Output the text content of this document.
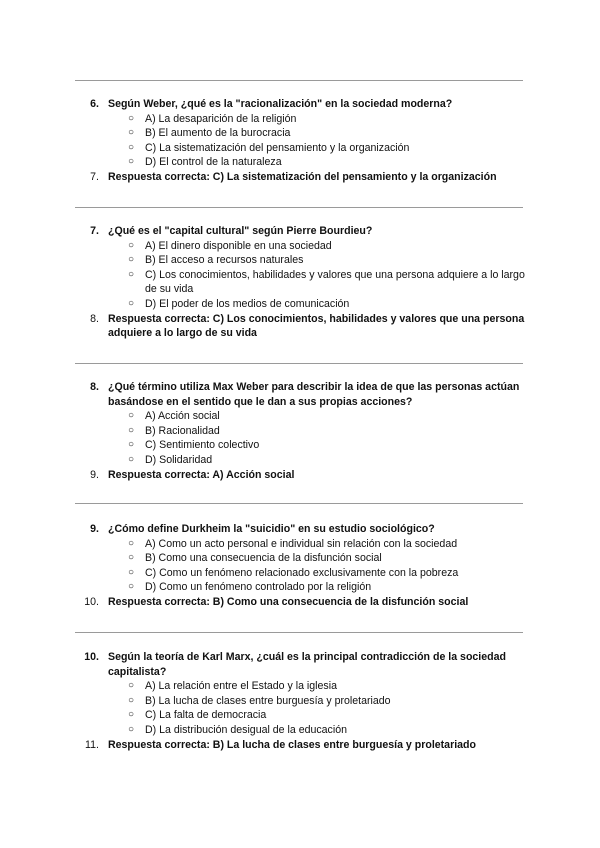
6. Según Weber, ¿qué es la "racionalización" en la sociedad moderna?
○ A) La desaparición de la religión
○ B) El aumento de la burocracia
○ C) La sistematización del pensamiento y la organización
○ D) El control de la naturaleza
7. Respuesta correcta: C) La sistematización del pensamiento y la organización
7. ¿Qué es el "capital cultural" según Pierre Bourdieu?
○ A) El dinero disponible en una sociedad
○ B) El acceso a recursos naturales
○ C) Los conocimientos, habilidades y valores que una persona adquiere a lo largo de su vida
○ D) El poder de los medios de comunicación
8. Respuesta correcta: C) Los conocimientos, habilidades y valores que una persona adquiere a lo largo de su vida
8. ¿Qué término utiliza Max Weber para describir la idea de que las personas actúan basándose en el sentido que le dan a sus propias acciones?
○ A) Acción social
○ B) Racionalidad
○ C) Sentimiento colectivo
○ D) Solidaridad
9. Respuesta correcta: A) Acción social
9. ¿Cómo define Durkheim la "suicidio" en su estudio sociológico?
○ A) Como un acto personal e individual sin relación con la sociedad
○ B) Como una consecuencia de la disfunción social
○ C) Como un fenómeno relacionado exclusivamente con la pobreza
○ D) Como un fenómeno controlado por la religión
10. Respuesta correcta: B) Como una consecuencia de la disfunción social
10. Según la teoría de Karl Marx, ¿cuál es la principal contradicción de la sociedad capitalista?
○ A) La relación entre el Estado y la iglesia
○ B) La lucha de clases entre burguesía y proletariado
○ C) La falta de democracia
○ D) La distribución desigual de la educación
11. Respuesta correcta: B) La lucha de clases entre burguesía y proletariado
